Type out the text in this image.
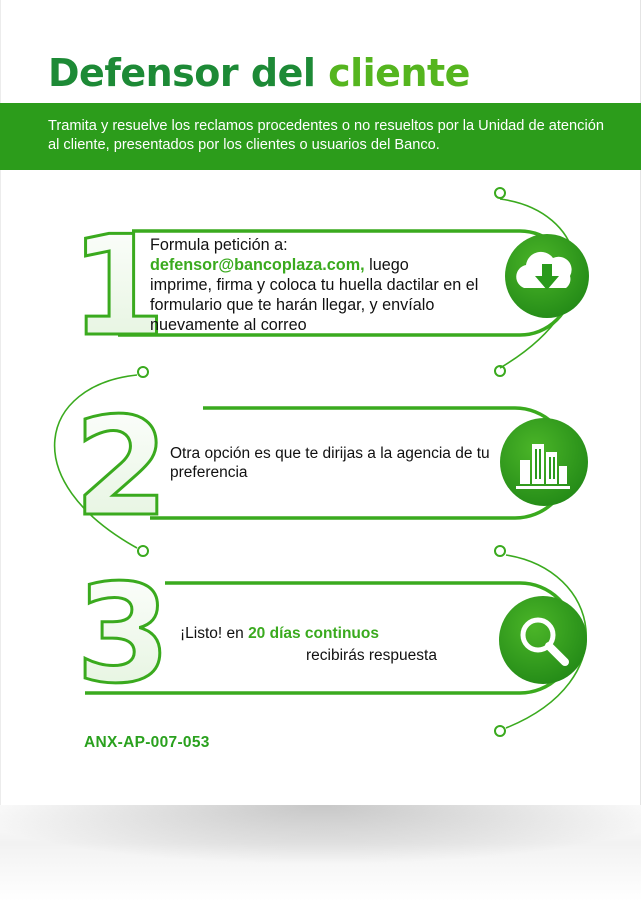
Defensor del cliente

Tramita y resuelve los reclamos procedentes o no resueltos por la Unidad de atención al cliente, presentados por los clientes o usuarios del Banco.

1
2
3
Formula petición a:
defensor@bancoplaza.com, luego
imprime, firma y coloca tu huella dactilar en el formulario que te harán llegar, y envíalo nuevamente al correo
Otra opción es que te dirijas a la agencia de tu preferencia
¡Listo! en 20 días continuos
recibirás respuesta

ANX-AP-007-053
